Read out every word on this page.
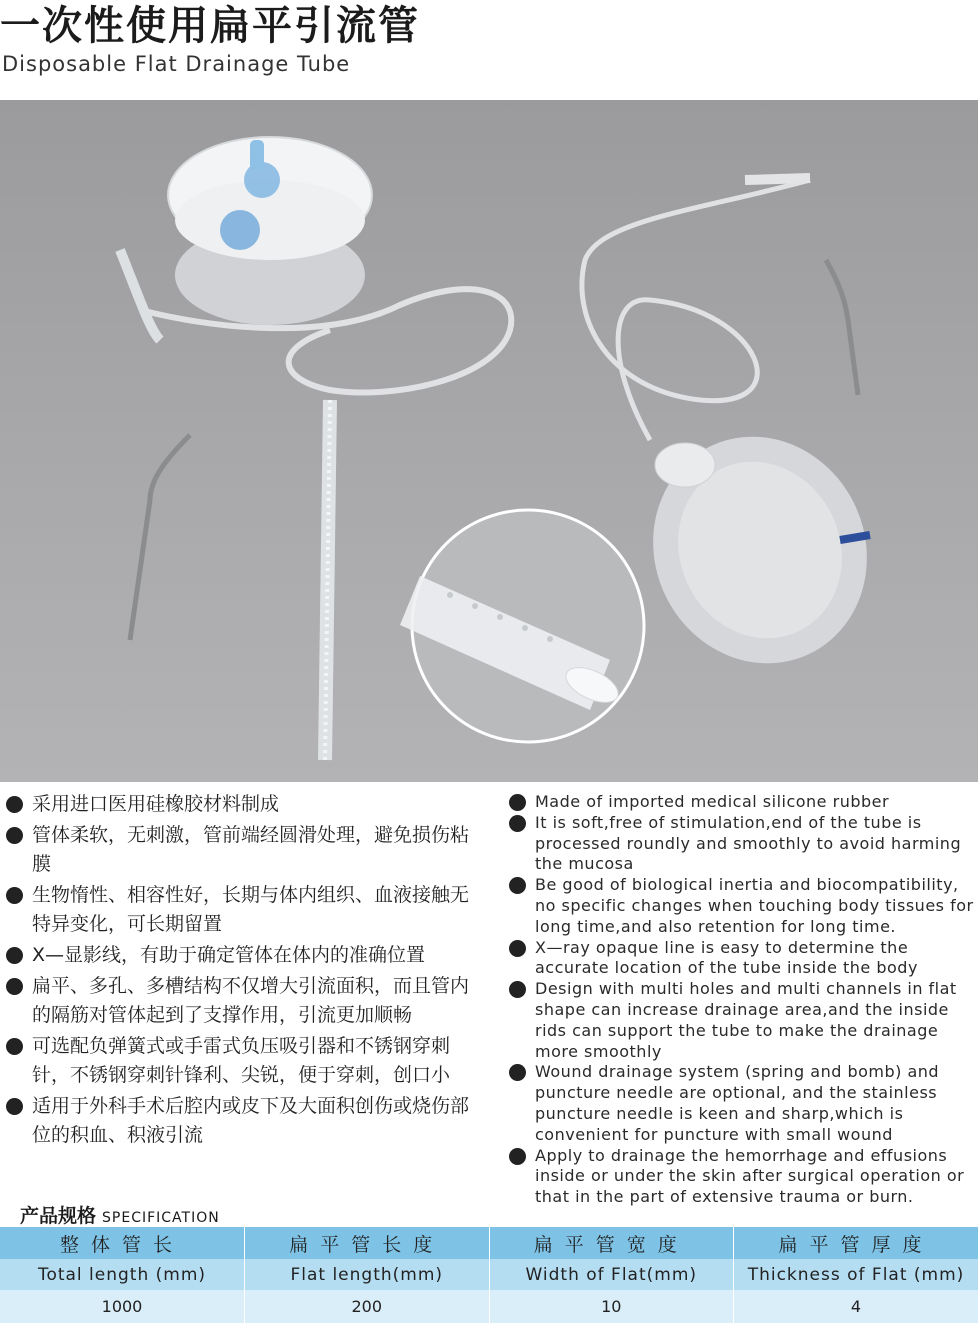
一次性使用扁平引流管
Disposable Flat Drainage Tube
采用进口医用硅橡胶材料制成
管体柔软，无刺激，管前端经圆滑处理，避免损伤粘膜
生物惰性、相容性好，长期与体内组织、血液接触无特异变化，可长期留置
X—显影线，有助于确定管体在体内的准确位置
扁平、多孔、多槽结构不仅增大引流面积，而且管内的隔筋对管体起到了支撑作用，引流更加顺畅
可选配负弹簧式或手雷式负压吸引器和不锈钢穿刺针，不锈钢穿刺针锋利、尖锐，便于穿刺，创口小
适用于外科手术后腔内或皮下及大面积创伤或烧伤部位的积血、积液引流
Made of imported medical silicone rubber
It is soft,free of stimulation,end of the tube is processed roundly and smoothly to avoid harming the mucosa
Be good of biological inertia and biocompatibility, no specific changes when touching body tissues for long time,and also retention for long time.
X—ray opaque line is easy to determine the accurate location of the tube inside the body
Design with multi holes and multi channels in flat shape can increase drainage area,and the inside rids can support the tube to make the drainage more smoothly
Wound drainage system (spring and bomb) and puncture needle are optional, and the stainless puncture needle is keen and sharp,which is convenient for puncture with small wound
Apply to drainage the hemorrhage and effusions inside or under the skin after surgical operation or that in the part of extensive trauma or burn.
产品规格 SPECIFICATION
整体管长	扁平管长度	扁平管宽度	扁平管厚度
Total length (mm)	Flat length(mm)	Width of Flat(mm)	Thickness of Flat (mm)
1000	200	10	4
